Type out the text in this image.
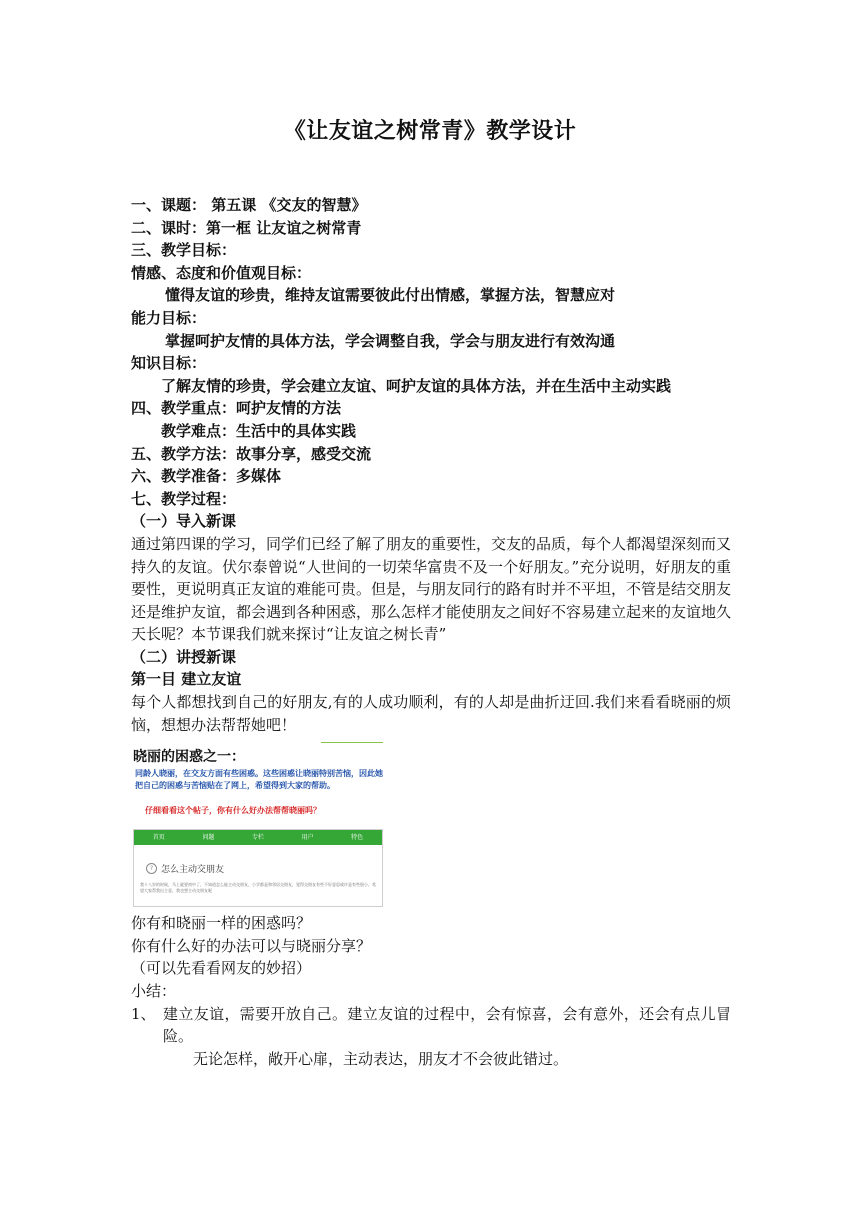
《让友谊之树常青》教学设计
一、课题： 第五课 《交友的智慧》
二、课时：第一框 让友谊之树常青
三、教学目标：
情感、态度和价值观目标：
懂得友谊的珍贵，维持友谊需要彼此付出情感，掌握方法，智慧应对
能力目标：
掌握呵护友情的具体方法，学会调整自我，学会与朋友进行有效沟通
知识目标：
了解友情的珍贵，学会建立友谊、呵护友谊的具体方法，并在生活中主动实践
四、教学重点：呵护友情的方法
教学难点：生活中的具体实践
五、教学方法：故事分享，感受交流
六、教学准备：多媒体
七、教学过程：
（一）导入新课
通过第四课的学习，同学们已经了解了朋友的重要性，交友的品质，每个人都渴望深刻而又持久的友谊。伏尔泰曾说“人世间的一切荣华富贵不及一个好朋友。”充分说明，好朋友的重要性，更说明真正友谊的难能可贵。但是，与朋友同行的路有时并不平坦，不管是结交朋友还是维护友谊，都会遇到各种困惑，那么怎样才能使朋友之间好不容易建立起来的友谊地久天长呢？本节课我们就来探讨“让友谊之树长青”
（二）讲授新课
第一目 建立友谊
每个人都想找到自己的好朋友,有的人成功顺利，有的人却是曲折迂回.我们来看看晓丽的烦恼，想想办法帮帮她吧！
晓丽的困惑之一：
同龄人晓丽，在交友方面有些困惑。这些困惑让晓丽特别苦恼，因此她把自己的困惑与苦恼贴在了网上，希望得到大家的帮助。
仔细看看这个帖子，你有什么好办法帮帮晓丽吗？
首页	问题	专栏	用户	特色
? 怎么主动交朋友
我十八岁的时候，马上就要初中了，不知道怎么能主动交朋友，小学都是和邻居交朋友，觉得交朋友有些不好意思或许是有些胆小，希望大家帮我出主意，我也想主动交朋友呢
你有和晓丽一样的困惑吗？
你有什么好的办法可以与晓丽分享？
（可以先看看网友的妙招）
小结：
1、 建立友谊，需要开放自己。建立友谊的过程中，会有惊喜，会有意外，还会有点儿冒险。
无论怎样，敞开心扉，主动表达，朋友才不会彼此错过。
